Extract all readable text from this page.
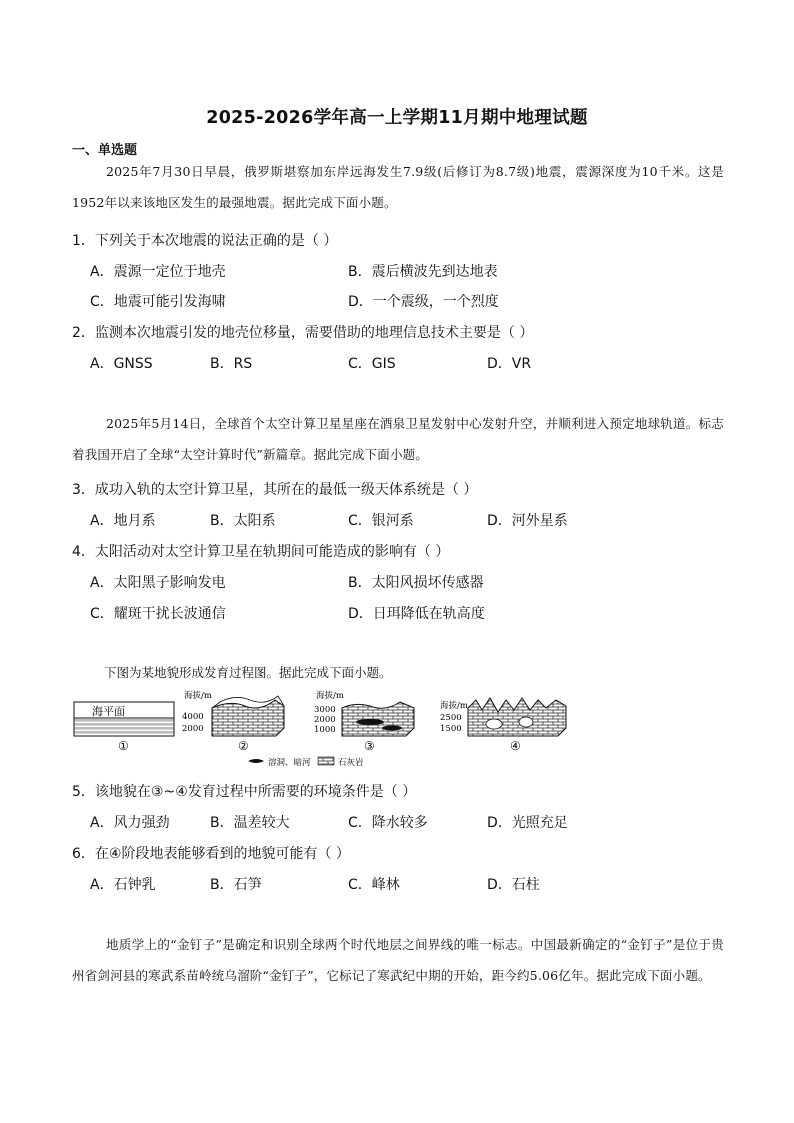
2025-2026学年高一上学期11月期中地理试题
一、单选题
2025年7月30日早晨，俄罗斯堪察加东岸远海发生7.9级(后修订为8.7级)地震，震源深度为10千米。这是1952年以来该地区发生的最强地震。据此完成下面小题。
1．下列关于本次地震的说法正确的是（ ）
A．震源一定位于地壳	B．震后横波先到达地表
C．地震可能引发海啸	D．一个震级，一个烈度
2．监测本次地震引发的地壳位移量，需要借助的地理信息技术主要是（ ）
A．GNSS	B．RS	C．GIS	D．VR
2025年5月14日，全球首个太空计算卫星星座在酒泉卫星发射中心发射升空，并顺利进入预定地球轨道。标志着我国开启了全球“太空计算时代”新篇章。据此完成下面小题。
3．成功入轨的太空计算卫星，其所在的最低一级天体系统是（ ）
A．地月系	B．太阳系	C．银河系	D．河外星系
4．太阳活动对太空计算卫星在轨期间可能造成的影响有（ ）
A．太阳黑子影响发电	B．太阳风损坏传感器
C．耀斑干扰长波通信	D．日珥降低在轨高度
下图为某地貌形成发育过程图。据此完成下面小题。
海平面
①
海拔/m
4000
2000
②
海拔/m
3000
2000
1000
③
海拔/m
2500
1500
④
溶洞、暗河	石灰岩
5．该地貌在③~④发育过程中所需要的环境条件是（ ）
A．风力强劲	B．温差较大	C．降水较多	D．光照充足
6．在④阶段地表能够看到的地貌可能有（ ）
A．石钟乳	B．石笋	C．峰林	D．石柱
地质学上的“金钉子”是确定和识别全球两个时代地层之间界线的唯一标志。中国最新确定的“金钉子”是位于贵州省剑河县的寒武系苗岭统乌溜阶“金钉子”，它标记了寒武纪中期的开始，距今约5.06亿年。据此完成下面小题。
